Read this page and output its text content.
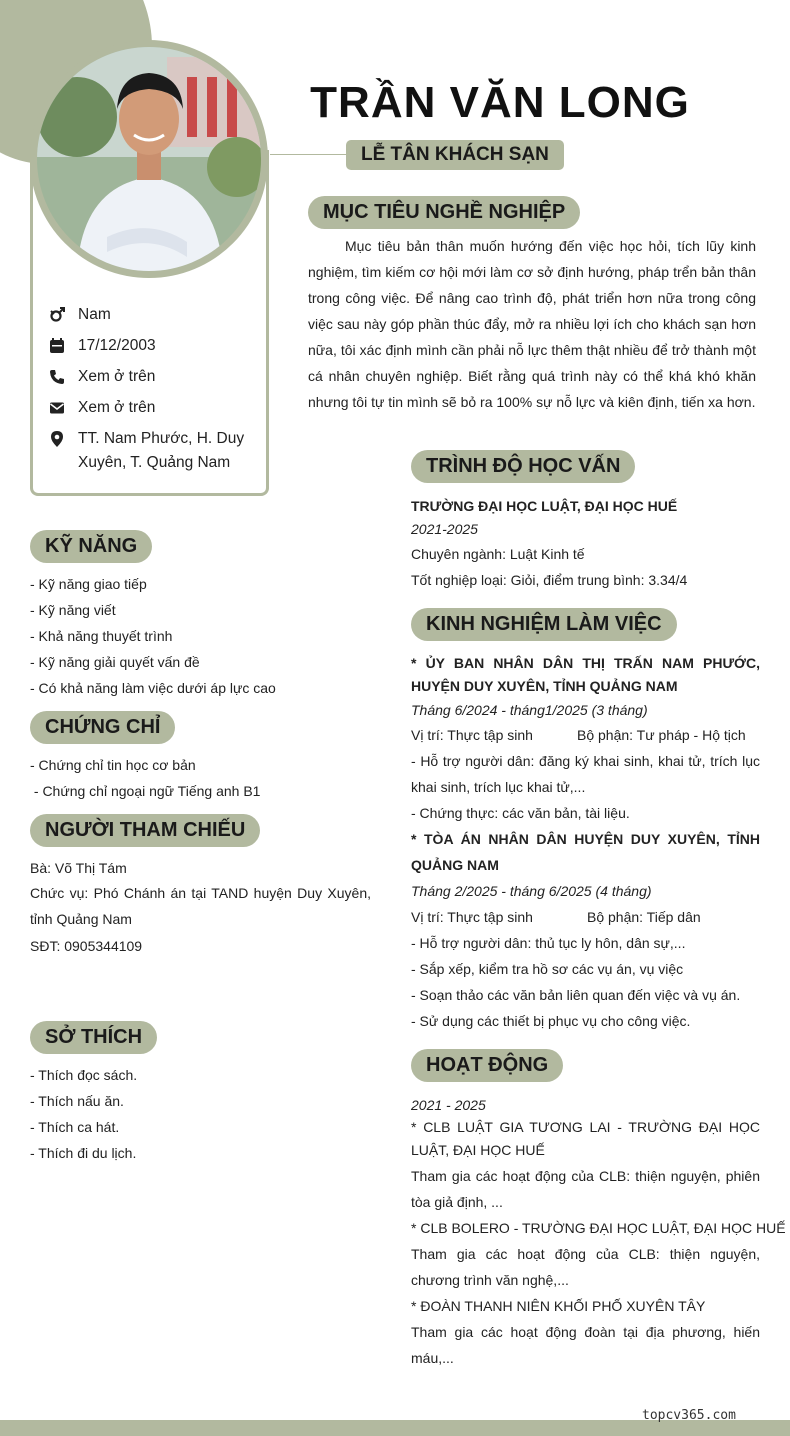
TRẦN VĂN LONG
LỄ TÂN KHÁCH SẠN
Nam
17/12/2003
Xem ở trên
Xem ở trên
TT. Nam Phước, H. Duy Xuyên, T. Quảng Nam
MỤC TIÊU NGHỀ NGHIỆP
Mục tiêu bản thân muốn hướng đến việc học hỏi, tích lũy kinh nghiệm, tìm kiếm cơ hội mới làm cơ sở định hướng, pháp trển bản thân trong công việc. Để nâng cao trình độ, phát triển hơn nữa trong công việc sau này góp phần thúc đẩy, mở ra nhiều lợi ích cho khách sạn hơn nữa, tôi xác định mình cần phải nỗ lực thêm thật nhiều để trở thành một cá nhân chuyên nghiệp. Biết rằng quá trình này có thể khá khó khăn nhưng tôi tự tin mình sẽ bỏ ra 100% sự nỗ lực và kiên định, tiến xa hơn.
KỸ NĂNG
- Kỹ năng giao tiếp
- Kỹ năng viết
- Khả năng thuyết trình
- Kỹ năng giải quyết vấn đề
- Có khả năng làm việc dưới áp lực cao
CHỨNG CHỈ
- Chứng chỉ tin học cơ bản
- Chứng chỉ ngoại ngữ Tiếng anh B1
NGƯỜI THAM CHIẾU
Bà: Võ Thị Tám
Chức vụ: Phó Chánh án tại TAND huyện Duy Xuyên, tỉnh Quảng Nam
SĐT: 0905344109
SỞ THÍCH
- Thích đọc sách.
- Thích nấu ăn.
- Thích ca hát.
- Thích đi du lịch.
TRÌNH ĐỘ HỌC VẤN
TRƯỜNG ĐẠI HỌC LUẬT, ĐẠI HỌC HUẾ
2021-2025
Chuyên ngành: Luật Kinh tế
Tốt nghiệp loại: Giỏi, điểm trung bình: 3.34/4
KINH NGHIỆM LÀM VIỆC
* ỦY BAN NHÂN DÂN THỊ TRẤN NAM PHƯỚC, HUYỆN DUY XUYÊN, TỈNH QUẢNG NAM
Tháng 6/2024 - tháng1/2025 (3 tháng)
Vị trí: Thực tập sinh	Bộ phận: Tư pháp - Hộ tịch
- Hỗ trợ người dân: đăng ký khai sinh, khai tử, trích lục khai sinh, trích lục khai tử,...
- Chứng thực: các văn bản, tài liệu.
* TÒA ÁN NHÂN DÂN HUYỆN DUY XUYÊN, TỈNH QUẢNG NAM
Tháng 2/2025 - tháng 6/2025 (4 tháng)
Vị trí: Thực tập sinh	Bộ phận: Tiếp dân
- Hỗ trợ người dân: thủ tục ly hôn, dân sự,...
- Sắp xếp, kiểm tra hồ sơ các vụ án, vụ việc
- Soạn thảo các văn bản liên quan đến việc và vụ án.
- Sử dụng các thiết bị phục vụ cho công việc.
HOẠT ĐỘNG
2021 - 2025
* CLB LUẬT GIA TƯƠNG LAI - TRƯỜNG ĐẠI HỌC LUẬT, ĐẠI HỌC HUẾ
Tham gia các hoạt động của CLB: thiện nguyện, phiên tòa giả định, ...
* CLB BOLERO - TRƯỜNG ĐẠI HỌC LUẬT, ĐẠI HỌC HUẾ
Tham gia các hoạt động của CLB: thiện nguyện, chương trình văn nghệ,...
* ĐOÀN THANH NIÊN KHỐI PHỐ XUYÊN TÂY
Tham gia các hoạt động đoàn tại địa phương, hiến máu,...
topcv365.com
